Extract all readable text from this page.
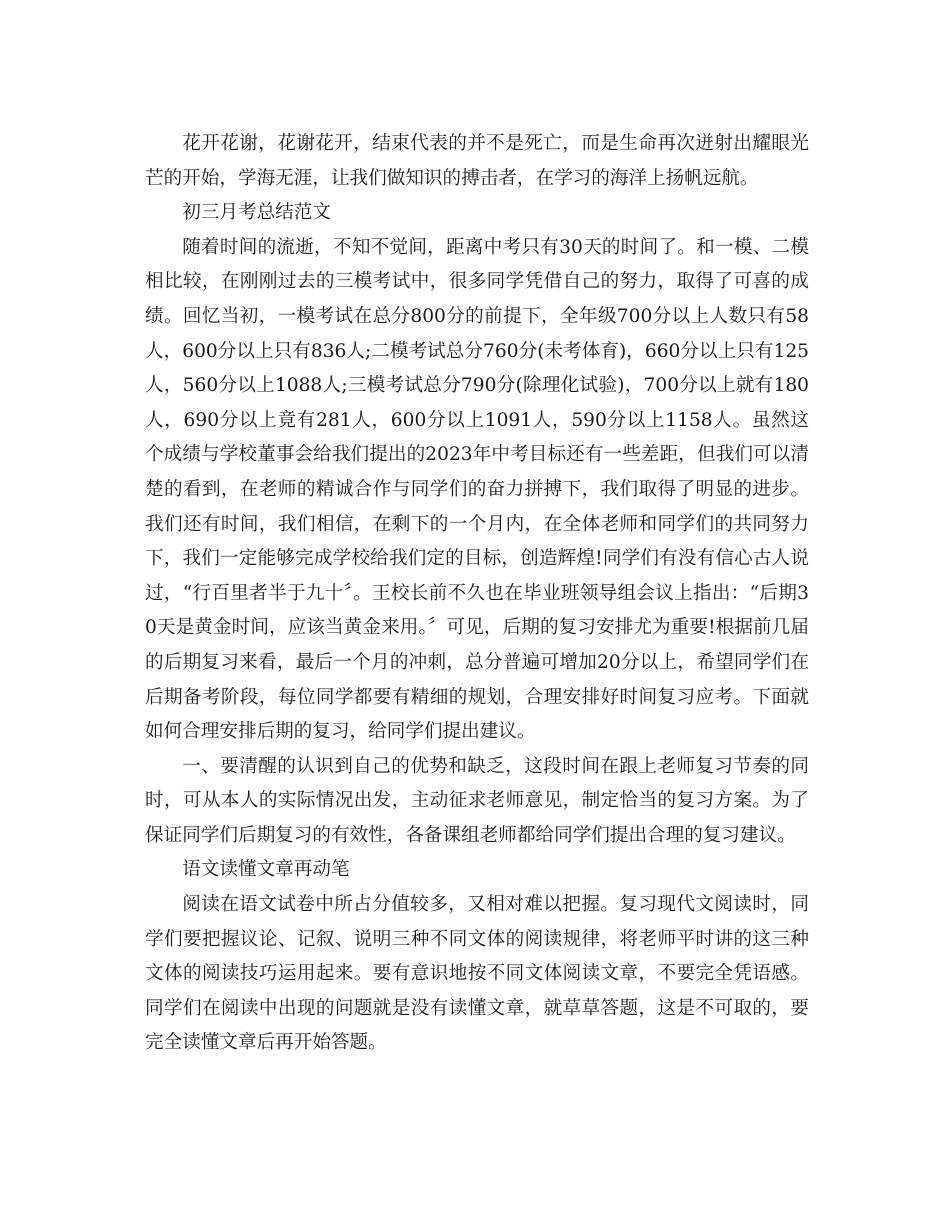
花开花谢，花谢花开，结束代表的并不是死亡，而是生命再次迸射出耀眼光芒的开始，学海无涯，让我们做知识的搏击者，在学习的海洋上扬帆远航。

初三月考总结范文

随着时间的流逝，不知不觉间，距离中考只有30天的时间了。和一模、二模相比较，在刚刚过去的三模考试中，很多同学凭借自己的努力，取得了可喜的成绩。回忆当初，一模考试在总分800分的前提下，全年级700分以上人数只有58人，600分以上只有836人;二模考试总分760分(未考体育)，660分以上只有125人，560分以上1088人;三模考试总分790分(除理化试验)，700分以上就有180人，690分以上竟有281人，600分以上1091人，590分以上1158人。虽然这个成绩与学校董事会给我们提出的2023年中考目标还有一些差距，但我们可以清楚的看到，在老师的精诚合作与同学们的奋力拼搏下，我们取得了明显的进步。我们还有时间，我们相信，在剩下的一个月内，在全体老师和同学们的共同努力下，我们一定能够完成学校给我们定的目标，创造辉煌!同学们有没有信心古人说过，“行百里者半于九十〞。王校长前不久也在毕业班领导组会议上指出：“后期30天是黄金时间，应该当黄金来用。〞可见，后期的复习安排尤为重要!根据前几届的后期复习来看，最后一个月的冲刺，总分普遍可增加20分以上，希望同学们在后期备考阶段，每位同学都要有精细的规划，合理安排好时间复习应考。下面就如何合理安排后期的复习，给同学们提出建议。

一、要清醒的认识到自己的优势和缺乏，这段时间在跟上老师复习节奏的同时，可从本人的实际情况出发，主动征求老师意见，制定恰当的复习方案。为了保证同学们后期复习的有效性，各备课组老师都给同学们提出合理的复习建议。

语文读懂文章再动笔

阅读在语文试卷中所占分值较多，又相对难以把握。复习现代文阅读时，同学们要把握议论、记叙、说明三种不同文体的阅读规律，将老师平时讲的这三种文体的阅读技巧运用起来。要有意识地按不同文体阅读文章，不要完全凭语感。同学们在阅读中出现的问题就是没有读懂文章，就草草答题，这是不可取的，要完全读懂文章后再开始答题。
